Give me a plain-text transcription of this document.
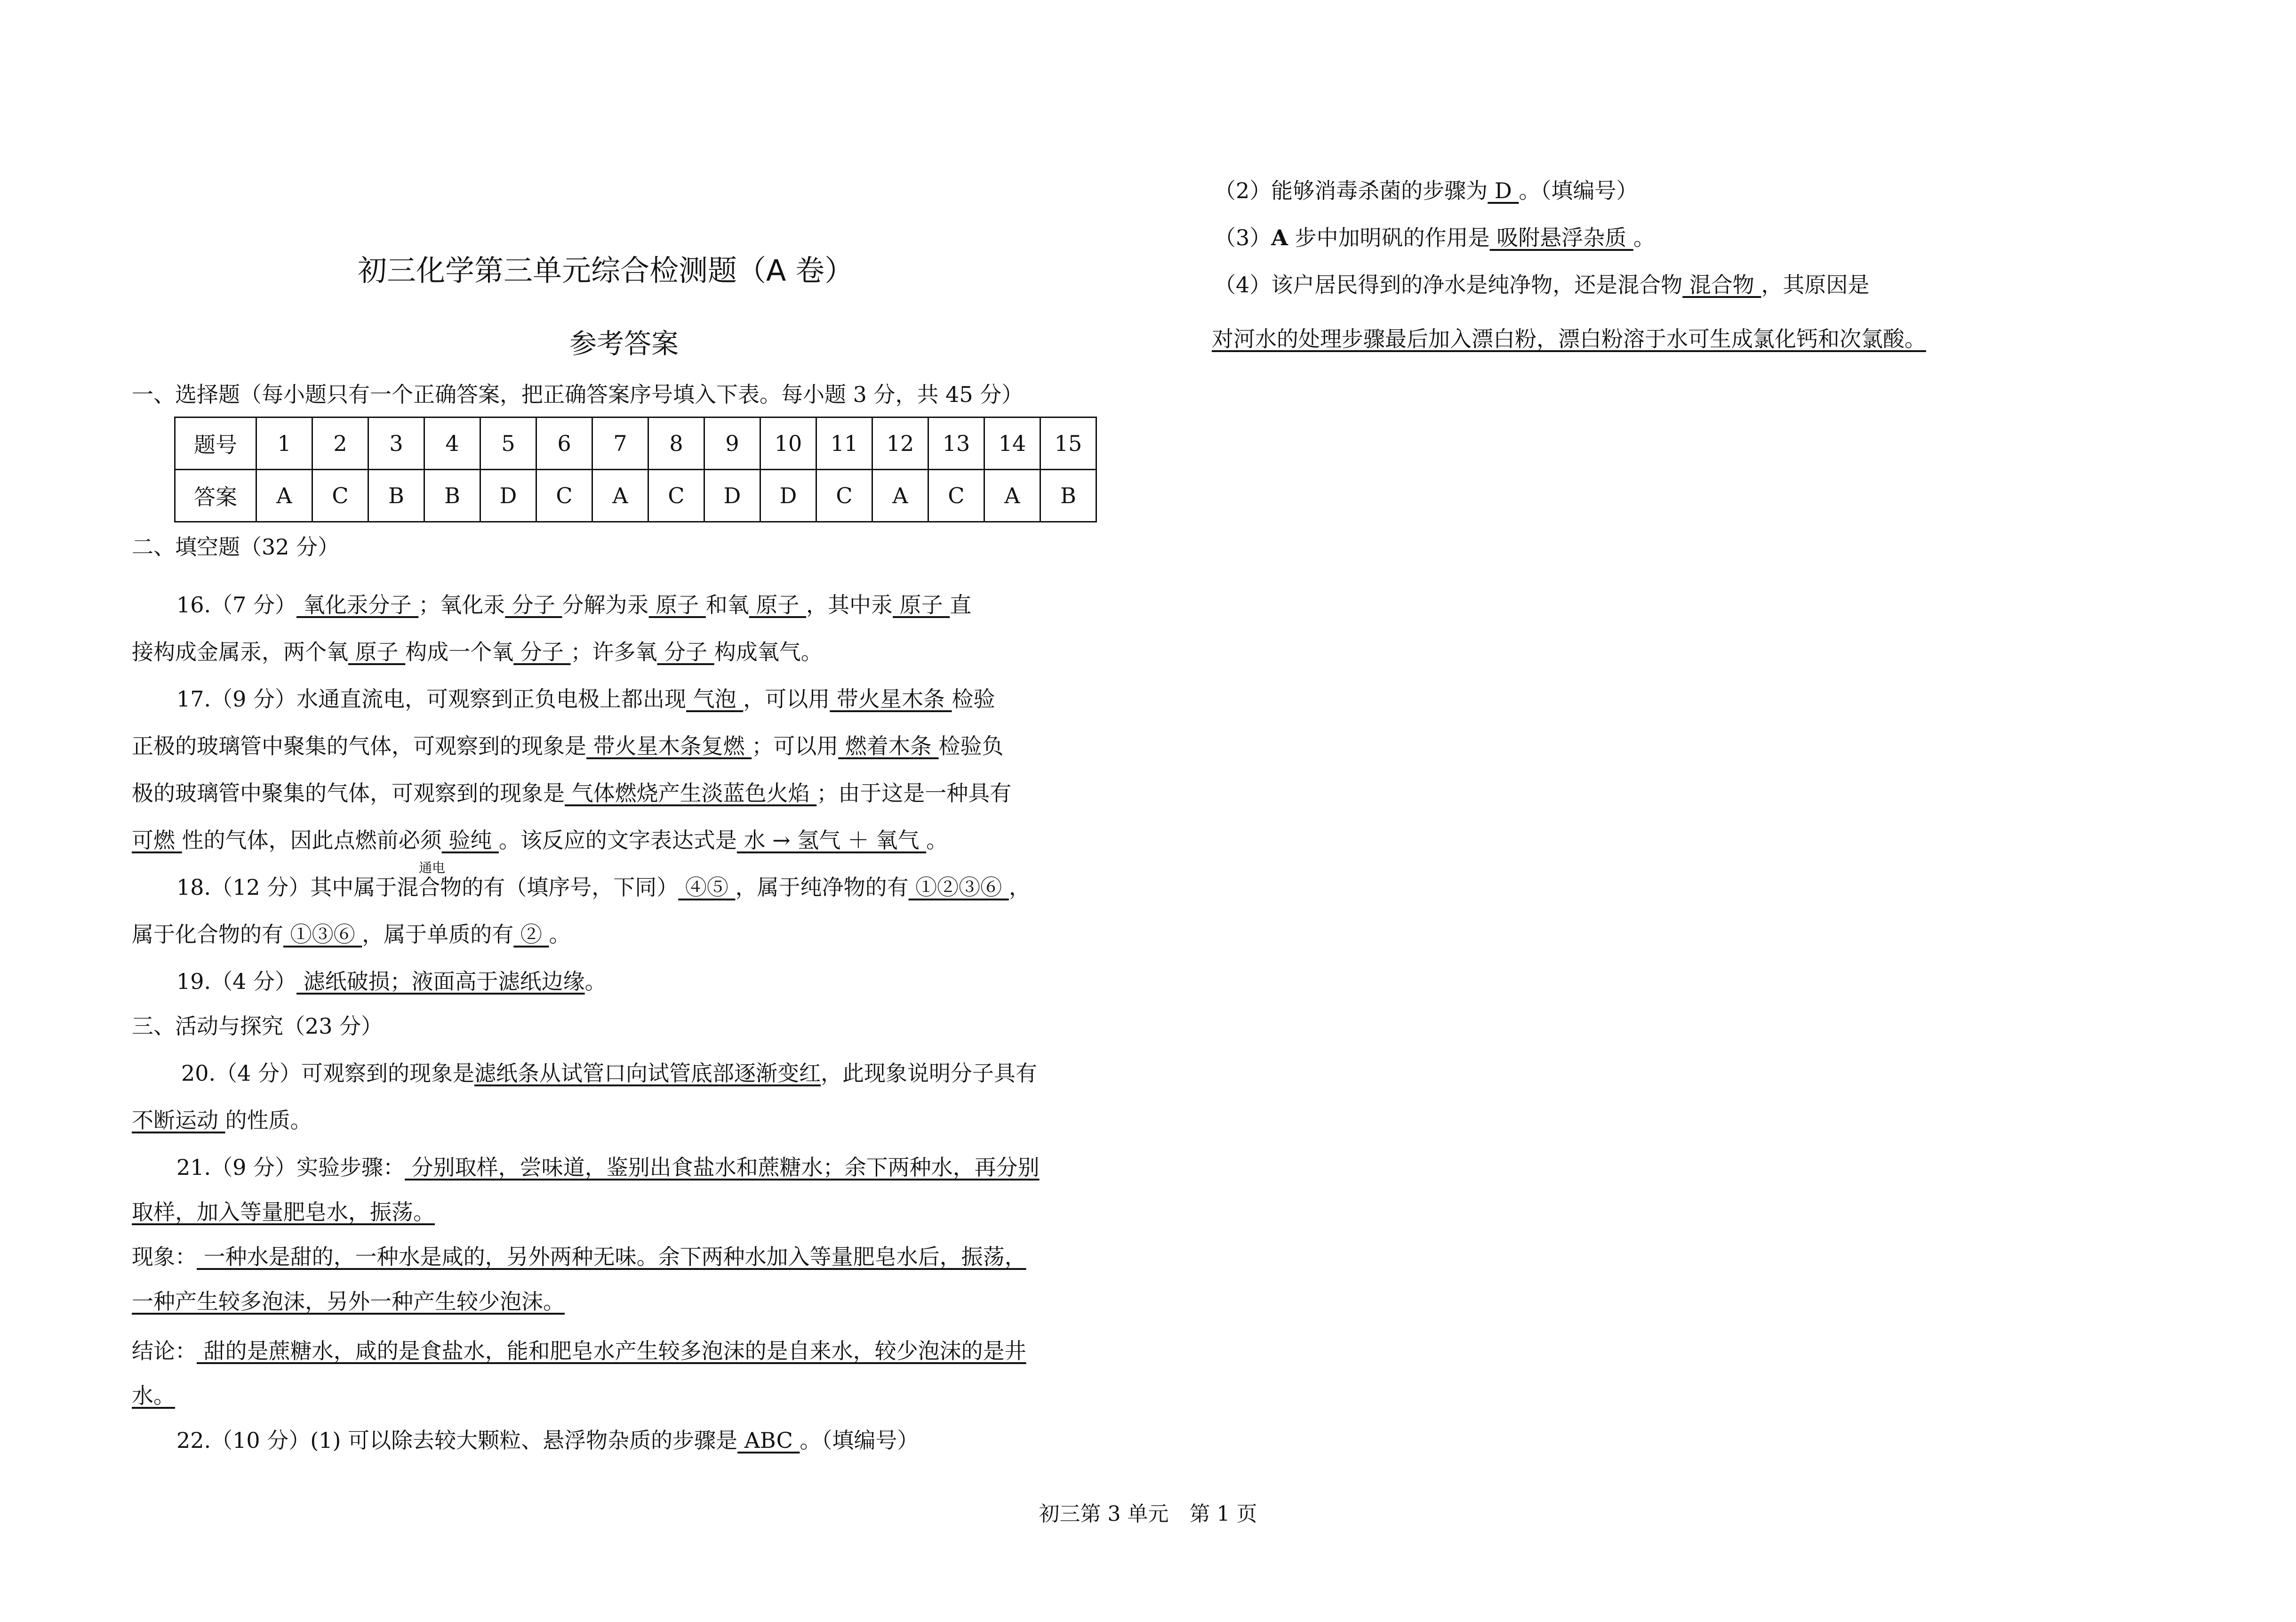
初三化学第三单元综合检测题（A 卷）
参考答案
一、选择题（每小题只有一个正确答案，把正确答案序号填入下表。每小题 3 分，共 45 分）
题号	1	2	3	4	5	6	7	8	9	10	11	12	13	14	15
答案	A	C	B	B	D	C	A	C	D	D	C	A	C	A	B
二、填空题（32 分）
16.（7 分） 氧化汞分子 ；氧化汞 分子 分解为汞 原子 和氧 原子 ，其中汞 原子 直
接构成金属汞，两个氧 原子 构成一个氧 分子 ；许多氧 分子 构成氧气。
17.（9 分）水通直流电，可观察到正负电极上都出现 气泡 ，可以用 带火星木条 检验
正极的玻璃管中聚集的气体，可观察到的现象是 带火星木条复燃 ；可以用 燃着木条 检验负
极的玻璃管中聚集的气体，可观察到的现象是 气体燃烧产生淡蓝色火焰 ；由于这是一种具有
可燃 性的气体，因此点燃前必须 验纯 。该反应的文字表达式是 水 → 氢气 ＋ 氧气 。
通电
18.（12 分）其中属于混合物的有（填序号，下同） ④⑤ ，属于纯净物的有 ①②③⑥ ，
属于化合物的有 ①③⑥ ，属于单质的有 ② 。
19.（4 分） 滤纸破损；液面高于滤纸边缘。
三、活动与探究（23 分）
20.（4 分）可观察到的现象是滤纸条从试管口向试管底部逐渐变红，此现象说明分子具有
不断运动 的性质。
21.（9 分）实验步骤： 分别取样，尝味道，鉴别出食盐水和蔗糖水；余下两种水，再分别
取样，加入等量肥皂水，振荡。
现象： 一种水是甜的，一种水是咸的，另外两种无味。余下两种水加入等量肥皂水后，振荡，
一种产生较多泡沫，另外一种产生较少泡沫。
结论： 甜的是蔗糖水，咸的是食盐水，能和肥皂水产生较多泡沫的是自来水，较少泡沫的是井
水。
22.（10 分）(1) 可以除去较大颗粒、悬浮物杂质的步骤是 ABC 。（填编号）
（2）能够消毒杀菌的步骤为 D 。（填编号）
（3）A 步中加明矾的作用是 吸附悬浮杂质 。
（4）该户居民得到的净水是纯净物，还是混合物 混合物 ，其原因是
对河水的处理步骤最后加入漂白粉，漂白粉溶于水可生成氯化钙和次氯酸。
初三第 3 单元　第 1 页
